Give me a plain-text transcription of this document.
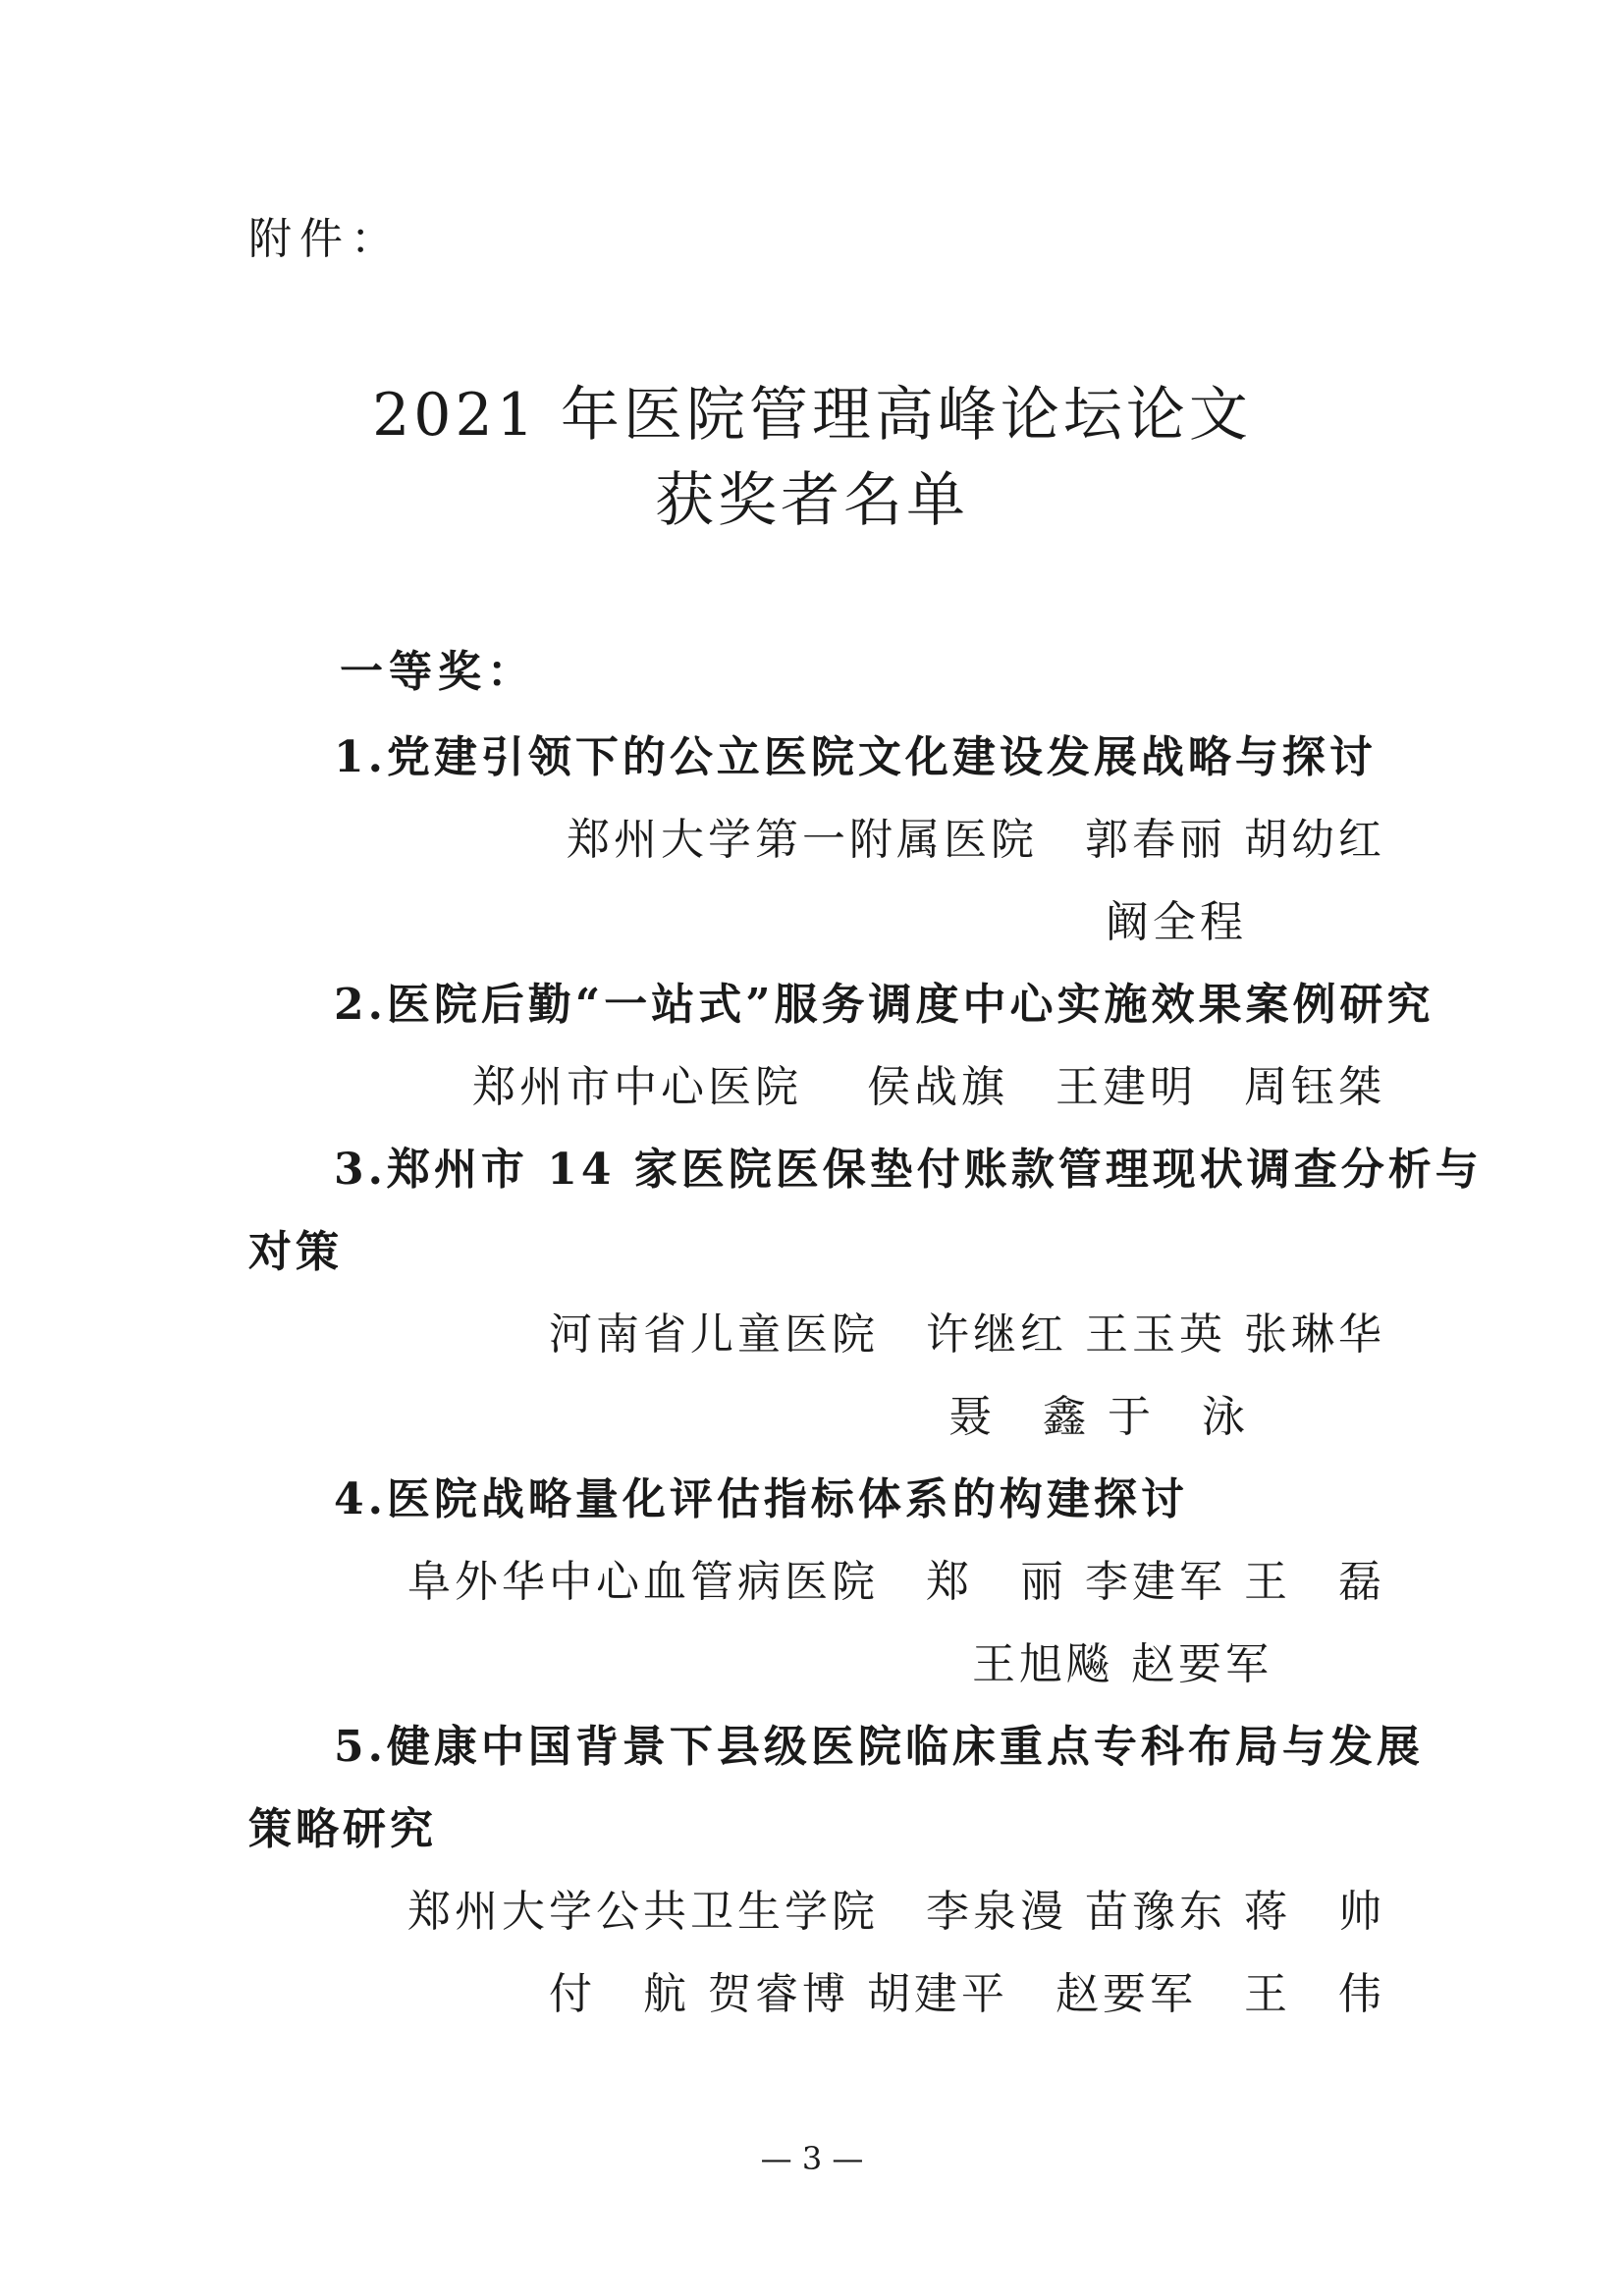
附件：
2021 年医院管理高峰论坛论文
获奖者名单
一等奖：
1.党建引领下的公立医院文化建设发展战略与探讨
郑州大学第一附属医院　郭春丽 胡幼红
阚全程
2.医院后勤“一站式”服务调度中心实施效果案例研究
郑州市中心医院　 侯战旗　王建明　周钰桀
3.郑州市 14 家医院医保垫付账款管理现状调查分析与
对策
河南省儿童医院　许继红 王玉英 张琳华
聂　鑫 于　泳
4.医院战略量化评估指标体系的构建探讨
阜外华中心血管病医院　郑　丽 李建军 王　磊
王旭飚 赵要军
5.健康中国背景下县级医院临床重点专科布局与发展
策略研究
郑州大学公共卫生学院　李泉漫 苗豫东 蒋　帅
付　航 贺睿博 胡建平　赵要军　王　伟
— 3 —
